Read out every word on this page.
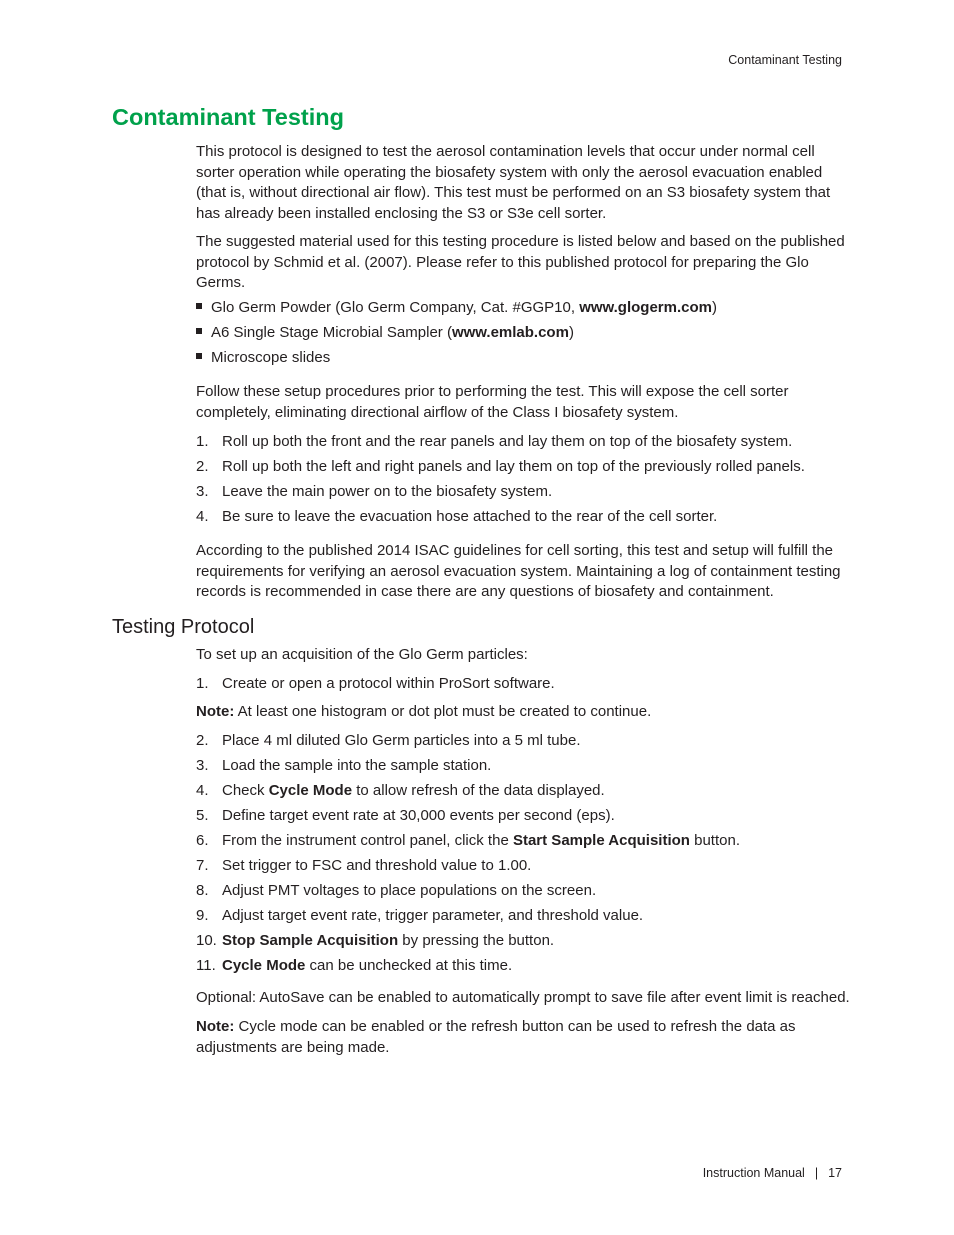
Contaminant Testing
Contaminant Testing

This protocol is designed to test the aerosol contamination levels that occur under normal cell sorter operation while operating the biosafety system with only the aerosol evacuation enabled (that is, without directional air flow). This test must be performed on an S3 biosafety system that has already been installed enclosing the S3 or S3e cell sorter.

The suggested material used for this testing procedure is listed below and based on the published protocol by Schmid et al. (2007). Please refer to this published protocol for preparing the Glo Germs.

Glo Germ Powder (Glo Germ Company, Cat. #GGP10, www.glogerm.com)
A6 Single Stage Microbial Sampler (www.emlab.com)
Microscope slides

Follow these setup procedures prior to performing the test. This will expose the cell sorter completely, eliminating directional airflow of the Class I biosafety system.

1. Roll up both the front and the rear panels and lay them on top of the biosafety system.
2. Roll up both the left and right panels and lay them on top of the previously rolled panels.
3. Leave the main power on to the biosafety system.
4. Be sure to leave the evacuation hose attached to the rear of the cell sorter.

According to the published 2014 ISAC guidelines for cell sorting, this test and setup will fulfill the requirements for verifying an aerosol evacuation system. Maintaining a log of containment testing records is recommended in case there are any questions of biosafety and containment.

Testing Protocol
To set up an acquisition of the Glo Germ particles:
1. Create or open a protocol within ProSort software.
Note: At least one histogram or dot plot must be created to continue.
2. Place 4 ml diluted Glo Germ particles into a 5 ml tube.
3. Load the sample into the sample station.
4. Check Cycle Mode to allow refresh of the data displayed.
5. Define target event rate at 30,000 events per second (eps).
6. From the instrument control panel, click the Start Sample Acquisition button.
7. Set trigger to FSC and threshold value to 1.00.
8. Adjust PMT voltages to place populations on the screen.
9. Adjust target event rate, trigger parameter, and threshold value.
10. Stop Sample Acquisition by pressing the button.
11. Cycle Mode can be unchecked at this time.
Optional: AutoSave can be enabled to automatically prompt to save file after event limit is reached.

Note: Cycle mode can be enabled or the refresh button can be used to refresh the data as adjustments are being made.

Instruction Manual | 17
